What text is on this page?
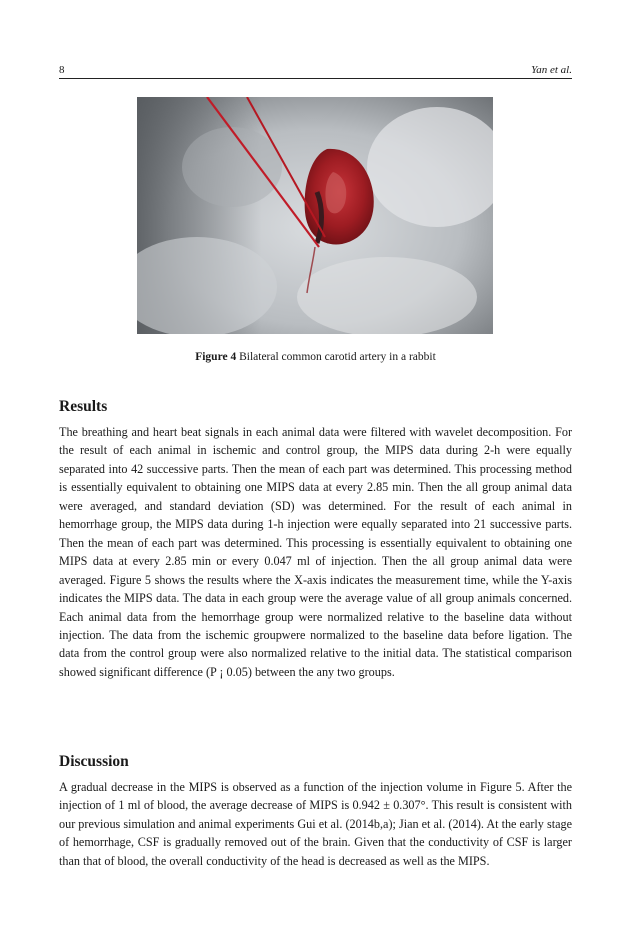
8	Yan et al.
Figure 4 Bilateral common carotid artery in a rabbit
Results

The breathing and heart beat signals in each animal data were filtered with wavelet decomposition. For the result of each animal in ischemic and control group, the MIPS data during 2-h were equally separated into 42 successive parts. Then the mean of each part was determined. This processing method is essentially equivalent to obtaining one MIPS data at every 2.85 min. Then the all group animal data were averaged, and standard deviation (SD) was determined. For the result of each animal in hemorrhage group, the MIPS data during 1-h injection were equally separated into 21 successive parts. Then the mean of each part was determined. This processing is essentially equivalent to obtaining one MIPS data at every 2.85 min or every 0.047 ml of injection. Then the all group animal data were averaged. Figure 5 shows the results where the X-axis indicates the measurement time, while the Y-axis indicates the MIPS data. The data in each group were the average value of all group animals concerned. Each animal data from the hemorrhage group were normalized relative to the baseline data without injection. The data from the ischemic groupwere normalized to the baseline data before ligation. The data from the control group were also normalized relative to the initial data. The statistical comparison showed significant difference (P ¡ 0.05) between the any two groups.

Discussion

A gradual decrease in the MIPS is observed as a function of the injection volume in Figure 5. After the injection of 1 ml of blood, the average decrease of MIPS is 0.942 ± 0.307°. This result is consistent with our previous simulation and animal experiments Gui et al. (2014b,a); Jian et al. (2014). At the early stage of hemorrhage, CSF is gradually removed out of the brain. Given that the conductivity of CSF is larger than that of blood, the overall conductivity of the head is decreased as well as the MIPS.
